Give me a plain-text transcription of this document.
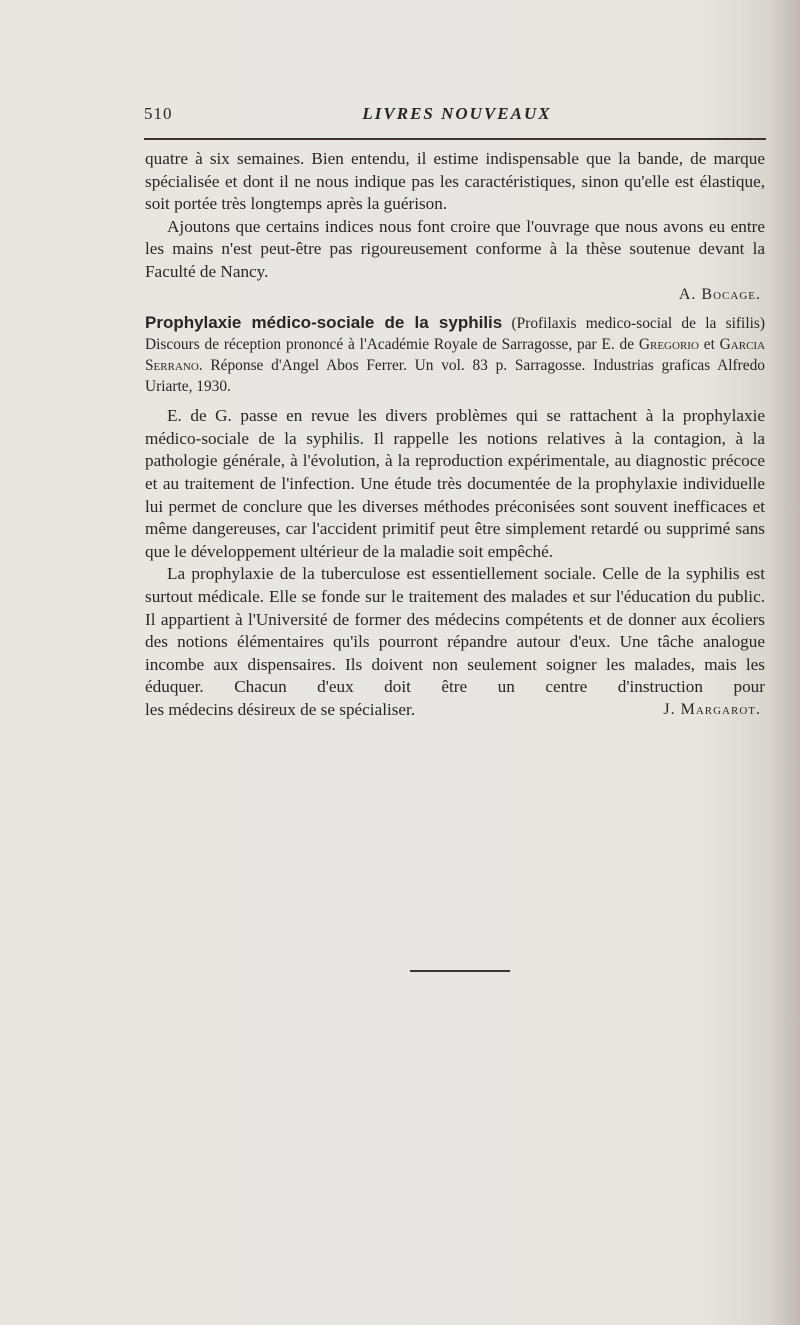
510	LIVRES NOUVEAUX

quatre à six semaines. Bien entendu, il estime indispensable que la bande, de marque spécialisée et dont il ne nous indique pas les caractéristiques, sinon qu'elle est élastique, soit portée très longtemps après la guérison.

Ajoutons que certains indices nous font croire que l'ouvrage que nous avons eu entre les mains n'est peut-être pas rigoureusement conforme à la thèse soutenue devant la Faculté de Nancy.

A. Bocage.

Prophylaxie médico-sociale de la syphilis (Profilaxis medico-social de la sifilis) Discours de réception prononcé à l'Académie Royale de Sarragosse, par E. de Gregorio et Garcia Serrano. Réponse d'Angel Abos Ferrer. Un vol. 83 p. Sarragosse. Industrias graficas Alfredo Uriarte, 1930.

E. de G. passe en revue les divers problèmes qui se rattachent à la prophylaxie médico-sociale de la syphilis. Il rappelle les notions relatives à la contagion, à la pathologie générale, à l'évolution, à la reproduction expérimentale, au diagnostic précoce et au traitement de l'infection. Une étude très documentée de la prophylaxie individuelle lui permet de conclure que les diverses méthodes préconisées sont souvent inefficaces et même dangereuses, car l'accident primitif peut être simplement retardé ou supprimé sans que le développement ultérieur de la maladie soit empêché.

La prophylaxie de la tuberculose est essentiellement sociale. Celle de la syphilis est surtout médicale. Elle se fonde sur le traitement des malades et sur l'éducation du public. Il appartient à l'Université de former des médecins compétents et de donner aux écoliers des notions élémentaires qu'ils pourront répandre autour d'eux. Une tâche analogue incombe aux dispensaires. Ils doivent non seulement soigner les malades, mais les éduquer. Chacun d'eux doit être un centre d'instruction pour

les médecins désireux de se spécialiser.	J. Margarot.
